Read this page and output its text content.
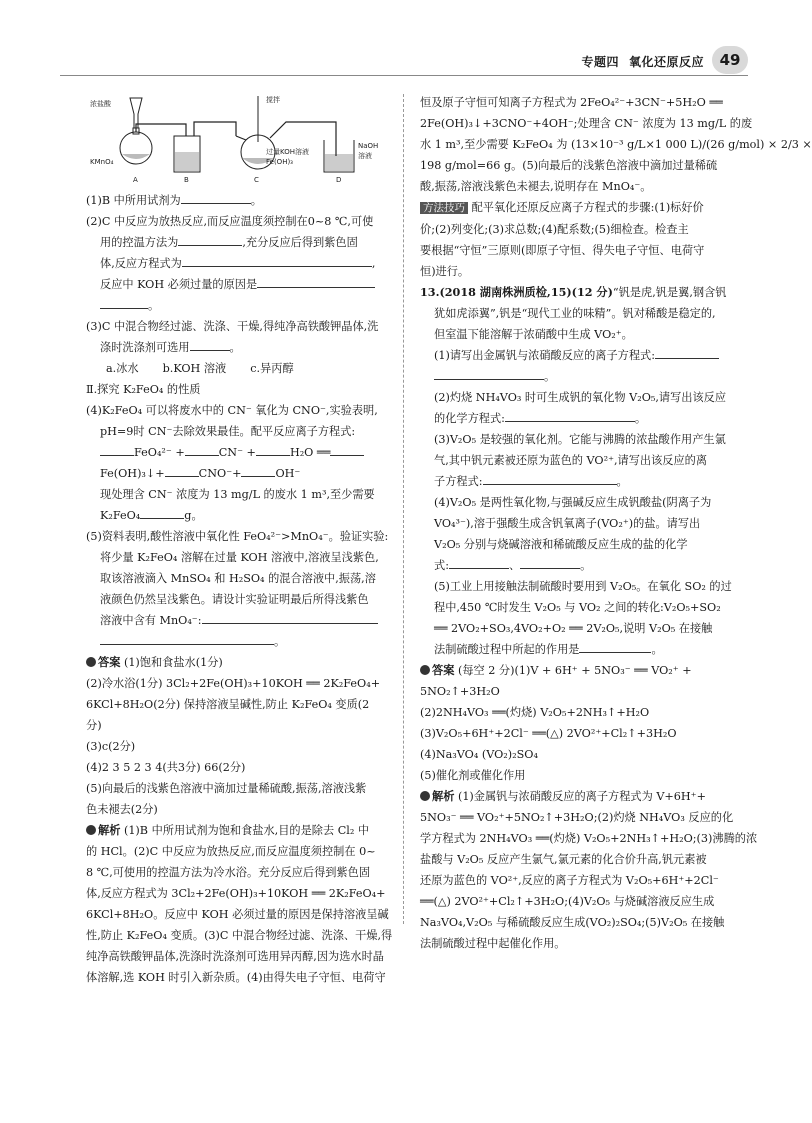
专题四 氧化还原反应	49
浓盐酸
KMnO₄
A	B
搅拌
过量KOH溶液
Fe(OH)₃
C
NaOH
溶液
D

(1)B 中所用试剂为	。

(2)C 中反应为放热反应,而反应温度须控制在0~8 ℃,可使

用的控温方法为	,充分反应后得到紫色固

体,反应方程式为	,

反应中 KOH 必须过量的原因是

。

(3)C 中混合物经过滤、洗涤、干燥,得纯净高铁酸钾晶体,洗

涤时洗涤剂可选用	。

a.冰水 b.KOH 溶液 c.异丙醇

Ⅱ.探究 K₂FeO₄ 的性质

(4)K₂FeO₄ 可以将废水中的 CN⁻ 氧化为 CNO⁻,实验表明,

pH=9时 CN⁻去除效果最佳。配平反应离子方程式:

FeO₄²⁻ +	CN⁻ +	H₂O ══

Fe(OH)₃↓+	CNO⁻+	OH⁻

现处理含 CN⁻ 浓度为 13 mg/L 的废水 1 m³,至少需要

K₂FeO₄	g。

(5)资料表明,酸性溶液中氧化性 FeO₄²⁻>MnO₄⁻。验证实验:

将少量 K₂FeO₄ 溶解在过量 KOH 溶液中,溶液呈浅紫色,

取该溶液滴入 MnSO₄ 和 H₂SO₄ 的混合溶液中,振荡,溶

液颜色仍然呈浅紫色。请设计实验证明最后所得浅紫色

溶液中含有 MnO₄⁻:

。

答案 (1)饱和食盐水(1分)

(2)冷水浴(1分) 3Cl₂+2Fe(OH)₃+10KOH ══ 2K₂FeO₄+

6KCl+8H₂O(2分) 保持溶液呈碱性,防止 K₂FeO₄ 变质(2

分)

(3)c(2分)

(4)2 3 5 2 3 4(共3分) 66(2分)

(5)向最后的浅紫色溶液中滴加过量稀硫酸,振荡,溶液浅紫

色未褪去(2分)

解析 (1)B 中所用试剂为饱和食盐水,目的是除去 Cl₂ 中

的 HCl。(2)C 中反应为放热反应,而反应温度须控制在 0~

8 ℃,可使用的控温方法为冷水浴。充分反应后得到紫色固

体,反应方程式为 3Cl₂+2Fe(OH)₃+10KOH ══ 2K₂FeO₄+

6KCl+8H₂O。反应中 KOH 必须过量的原因是保持溶液呈碱

性,防止 K₂FeO₄ 变质。(3)C 中混合物经过滤、洗涤、干燥,得

纯净高铁酸钾晶体,洗涤时洗涤剂可选用异丙醇,因为选水时晶

体溶解,选 KOH 时引入新杂质。(4)由得失电子守恒、电荷守

恒及原子守恒可知离子方程式为 2FeO₄²⁻+3CN⁻+5H₂O ══

2Fe(OH)₃↓+3CNO⁻+4OH⁻;处理含 CN⁻ 浓度为 13 mg/L 的废

水 1 m³,至少需要 K₂FeO₄ 为 (13×10⁻³ g/L×1 000 L)/(26 g/mol) × 2/3 ×

198 g/mol=66 g。(5)向最后的浅紫色溶液中滴加过量稀硫

酸,振荡,溶液浅紫色未褪去,说明存在 MnO₄⁻。

方法技巧 配平氧化还原反应离子方程式的步骤:(1)标好价

价;(2)列变化;(3)求总数;(4)配系数;(5)细检查。检查主

要根据“守恒”三原则(即原子守恒、得失电子守恒、电荷守

恒)进行。

13.(2018 湖南株洲质检,15)(12 分)“钒是虎,钒是翼,钢含钒

犹如虎添翼”,钒是“现代工业的味精”。钒对稀酸是稳定的,

但室温下能溶解于浓硝酸中生成 VO₂⁺。

(1)请写出金属钒与浓硝酸反应的离子方程式:

。

(2)灼烧 NH₄VO₃ 时可生成钒的氧化物 V₂O₅,请写出该反应

的化学方程式:	。

(3)V₂O₅ 是较强的氧化剂。它能与沸腾的浓盐酸作用产生氯

气,其中钒元素被还原为蓝色的 VO²⁺,请写出该反应的离

子方程式:	。

(4)V₂O₅ 是两性氧化物,与强碱反应生成钒酸盐(阴离子为

VO₄³⁻),溶于强酸生成含钒氧离子(VO₂⁺)的盐。请写出

V₂O₅ 分别与烧碱溶液和稀硫酸反应生成的盐的化学

式:	、	。

(5)工业上用接触法制硫酸时要用到 V₂O₅。在氧化 SO₂ 的过

程中,450 ℃时发生 V₂O₅ 与 VO₂ 之间的转化:V₂O₅+SO₂

══ 2VO₂+SO₃,4VO₂+O₂ ══ 2V₂O₅,说明 V₂O₅ 在接触

法制硫酸过程中所起的作用是	。

答案 (每空 2 分)(1)V + 6H⁺ + 5NO₃⁻ ══ VO₂⁺ +

5NO₂↑+3H₂O

(2)2NH₄VO₃ ══(灼烧) V₂O₅+2NH₃↑+H₂O

(3)V₂O₅+6H⁺+2Cl⁻ ══(△) 2VO²⁺+Cl₂↑+3H₂O

(4)Na₃VO₄ (VO₂)₂SO₄

(5)催化剂或催化作用

解析 (1)金属钒与浓硝酸反应的离子方程式为 V+6H⁺+

5NO₃⁻ ══ VO₂⁺+5NO₂↑+3H₂O;(2)灼烧 NH₄VO₃ 反应的化

学方程式为 2NH₄VO₃ ══(灼烧) V₂O₅+2NH₃↑+H₂O;(3)沸腾的浓

盐酸与 V₂O₅ 反应产生氯气,氯元素的化合价升高,钒元素被

还原为蓝色的 VO²⁺,反应的离子方程式为 V₂O₅+6H⁺+2Cl⁻

══(△) 2VO²⁺+Cl₂↑+3H₂O;(4)V₂O₅ 与烧碱溶液反应生成

Na₃VO₄,V₂O₅ 与稀硫酸反应生成(VO₂)₂SO₄;(5)V₂O₅ 在接触

法制硫酸过程中起催化作用。
